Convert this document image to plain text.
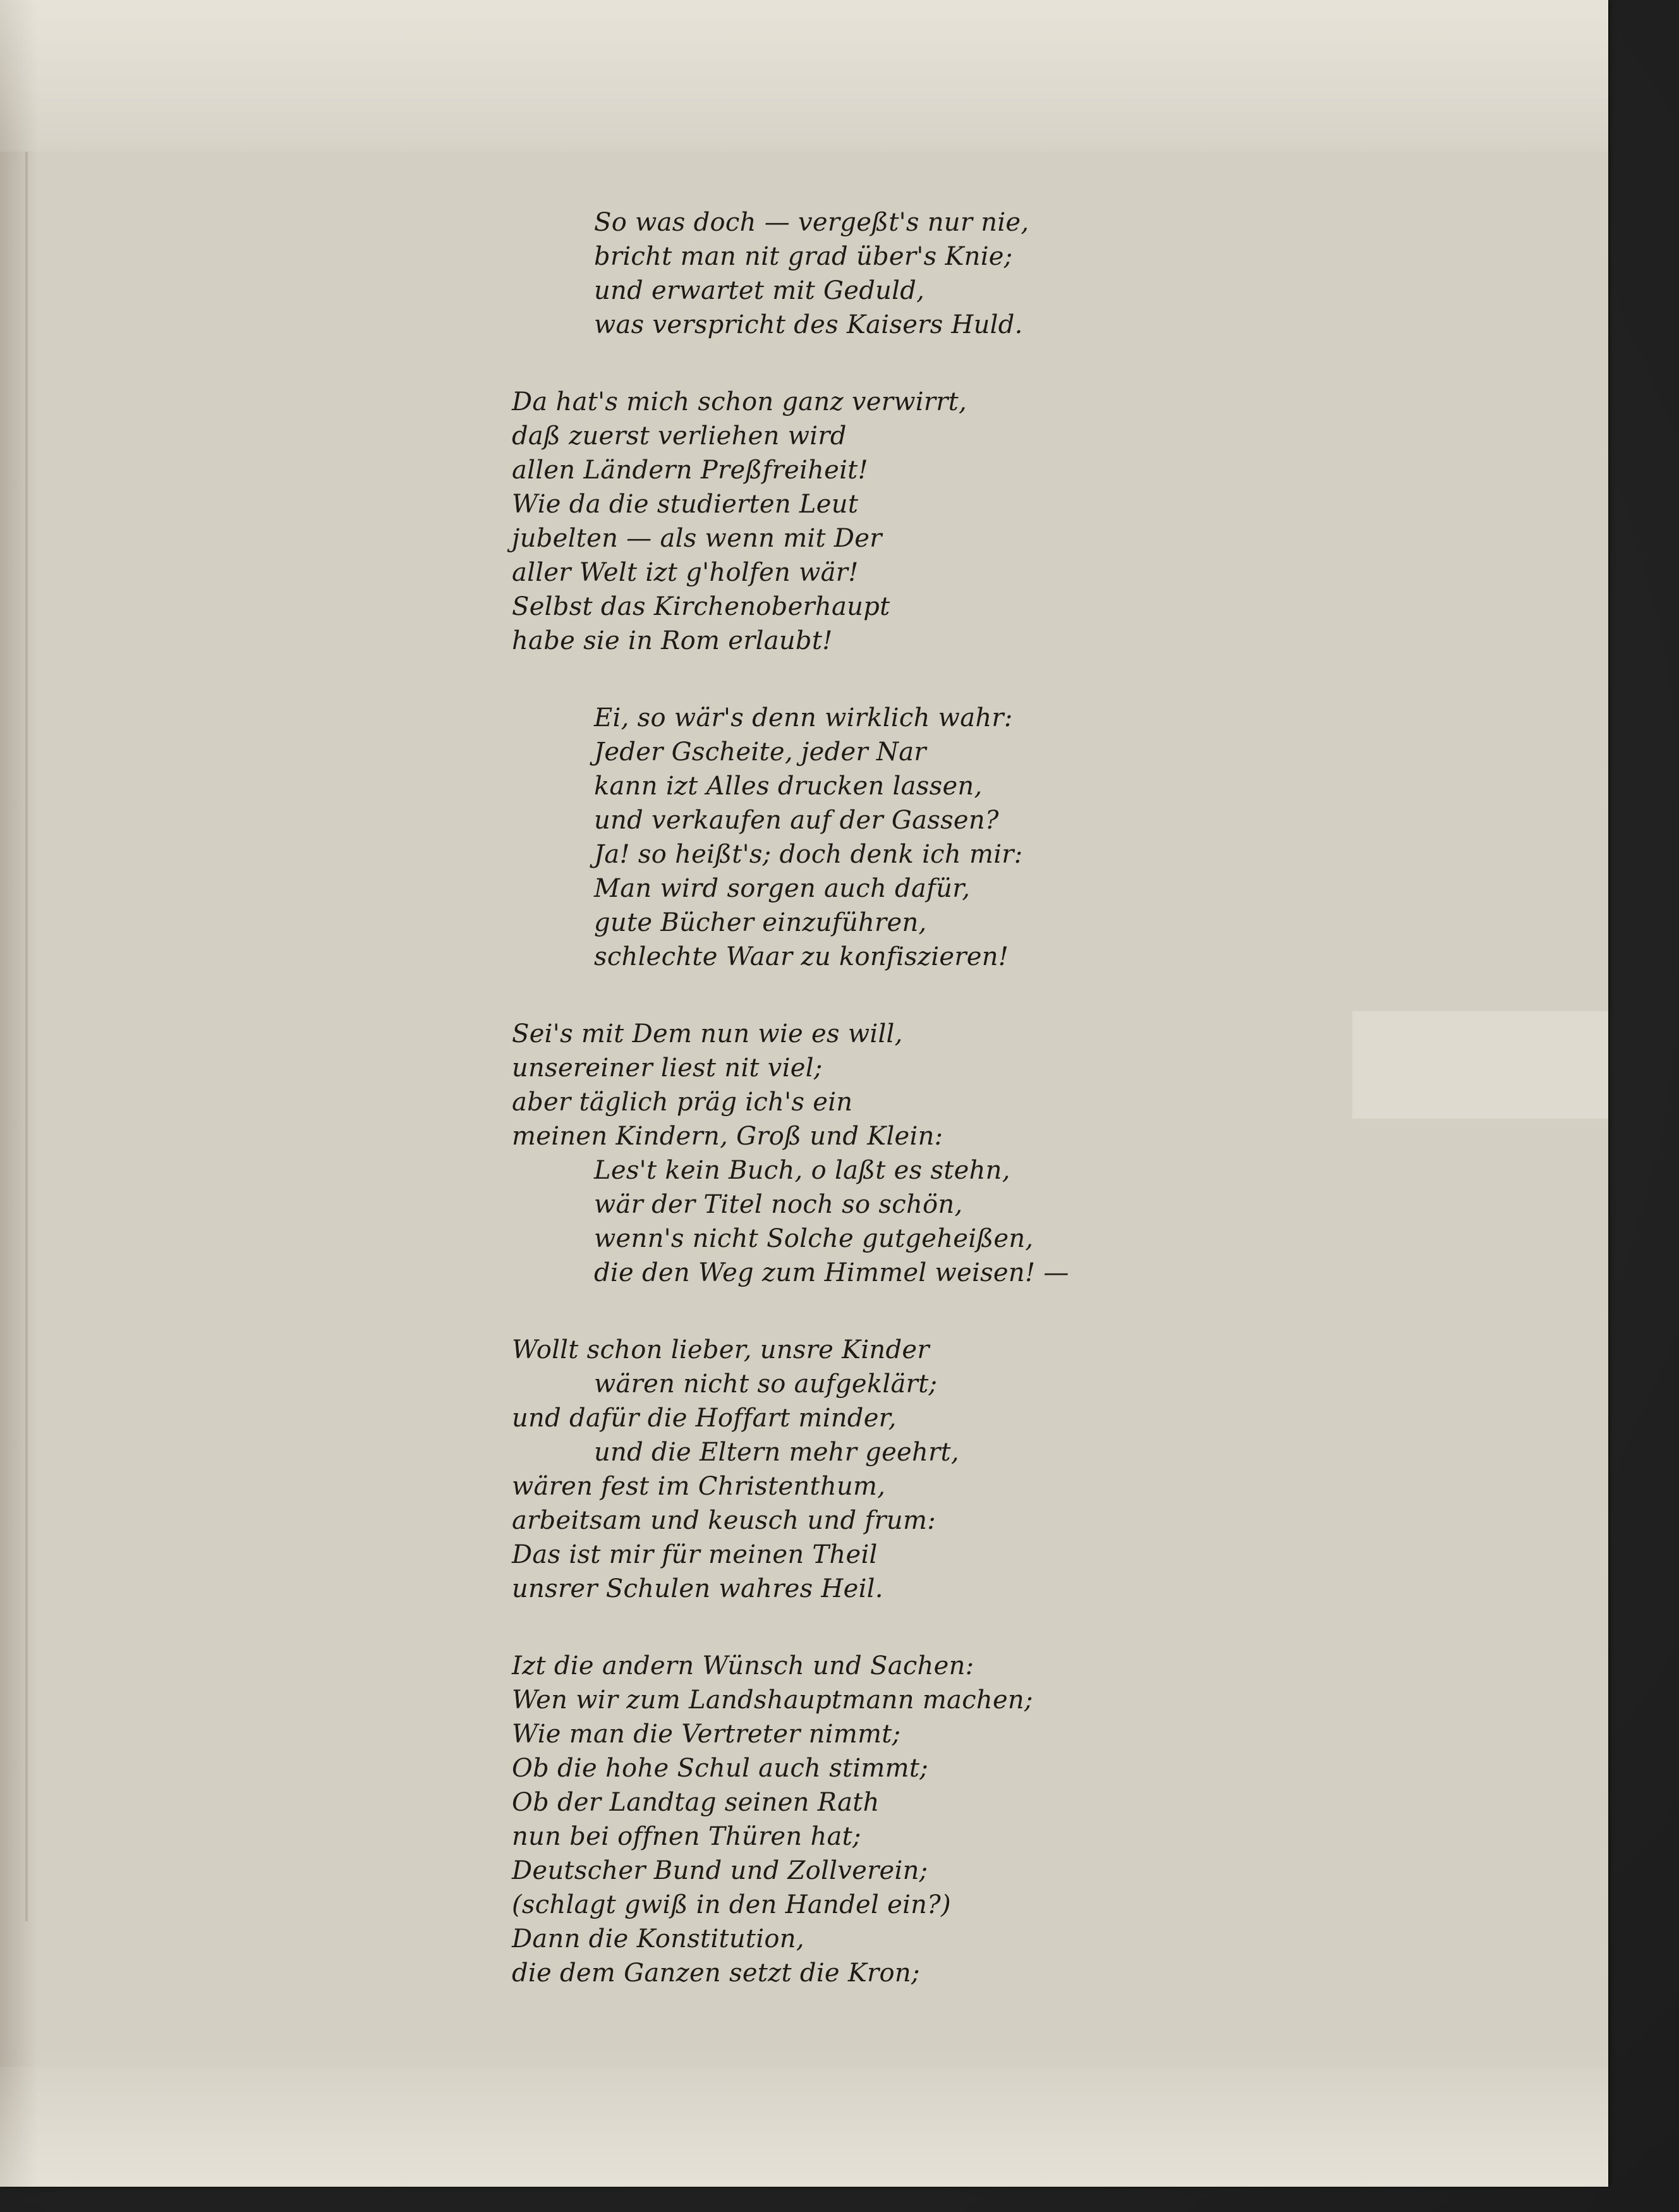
So was doch — vergeßt's nur nie,
bricht man nit grad über's Knie;
und erwartet mit Geduld,
was verspricht des Kaisers Huld.
Da hat's mich schon ganz verwirrt,
daß zuerst verliehen wird
allen Ländern Preßfreiheit!
Wie da die studierten Leut
jubelten — als wenn mit Der
aller Welt izt g'holfen wär!
Selbst das Kirchenoberhaupt
habe sie in Rom erlaubt!
Ei, so wär's denn wirklich wahr:
Jeder Gscheite, jeder Nar
kann izt Alles drucken lassen,
und verkaufen auf der Gassen?
Ja! so heißt's; doch denk ich mir:
Man wird sorgen auch dafür,
gute Bücher einzuführen,
schlechte Waar zu konfiszieren!
Sei's mit Dem nun wie es will,
unsereiner liest nit viel;
aber täglich präg ich's ein
meinen Kindern, Groß und Klein:
Les't kein Buch, o laßt es stehn,
wär der Titel noch so schön,
wenn's nicht Solche gutgeheißen,
die den Weg zum Himmel weisen! —
Wollt schon lieber, unsre Kinder
wären nicht so aufgeklärt;
und dafür die Hoffart minder,
und die Eltern mehr geehrt,
wären fest im Christenthum,
arbeitsam und keusch und frum:
Das ist mir für meinen Theil
unsrer Schulen wahres Heil.
Izt die andern Wünsch und Sachen:
Wen wir zum Landshauptmann machen;
Wie man die Vertreter nimmt;
Ob die hohe Schul auch stimmt;
Ob der Landtag seinen Rath
nun bei offnen Thüren hat;
Deutscher Bund und Zollverein;
(schlagt gwiß in den Handel ein?)
Dann die Konstitution,
die dem Ganzen setzt die Kron;
